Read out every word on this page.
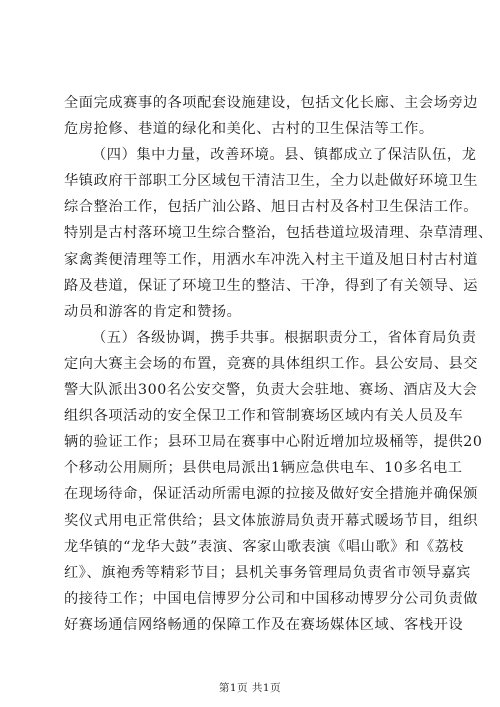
全面完成赛事的各项配套设施建设，包括文化长廊、主会场旁边
危房抢修、巷道的绿化和美化、古村的卫生保洁等工作。
（四）集中力量，改善环境。县、镇都成立了保洁队伍，龙
华镇政府干部职工分区域包干清洁卫生，全力以赴做好环境卫生
综合整治工作，包括广汕公路、旭日古村及各村卫生保洁工作。
特别是古村落环境卫生综合整治，包括巷道垃圾清理、杂草清理、
家禽粪便清理等工作，用洒水车冲洗入村主干道及旭日村古村道
路及巷道，保证了环境卫生的整洁、干净，得到了有关领导、运
动员和游客的肯定和赞扬。
（五）各级协调，携手共事。根据职责分工，省体育局负责
定向大赛主会场的布置，竞赛的具体组织工作。县公安局、县交
警大队派出300名公安交警，负责大会驻地、赛场、酒店及大会
组织各项活动的安全保卫工作和管制赛场区域内有关人员及车
辆的验证工作；县环卫局在赛事中心附近增加垃圾桶等，提供20
个移动公用厕所；县供电局派出1辆应急供电车、10多名电工
在现场待命，保证活动所需电源的拉接及做好安全措施并确保颁
奖仪式用电正常供给；县文体旅游局负责开幕式暖场节目，组织
龙华镇的“龙华大鼓”表演、客家山歌表演《唱山歌》和《荔枝
红》、旗袍秀等精彩节目；县机关事务管理局负责省市领导嘉宾
的接待工作；中国电信博罗分公司和中国移动博罗分公司负责做
好赛场通信网络畅通的保障工作及在赛场媒体区域、客栈开设
第1页 共1页
